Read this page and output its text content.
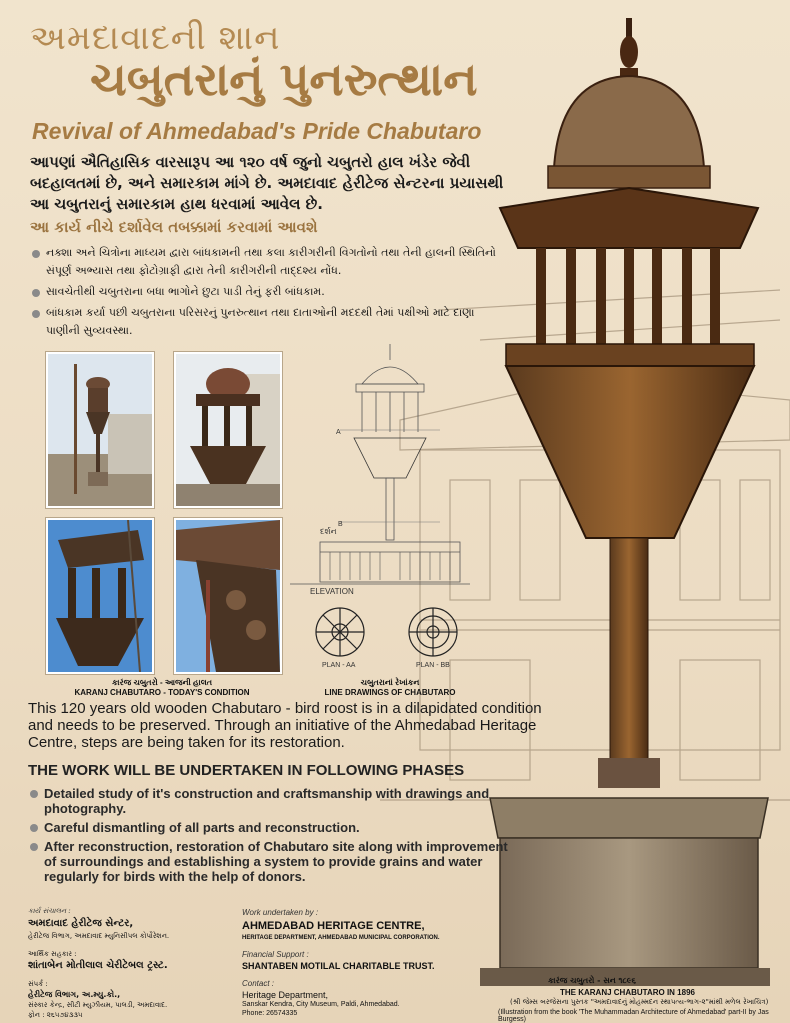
અમદાવાદની શાન
ચબુતરાનું પુનરુત્થાન
Revival of Ahmedabad's Pride Chabutaro
આપણાં ઐતિહાસિક વારસારૂપ આ ૧૨૦ વર્ષ જુનો ચબુતરો હાલ ખંડેર જેવી બદહાલતમાં છે, અને સમારકામ માંગે છે. અમદાવાદ હેરીટેજ સેન્ટરના પ્રયાસથી આ ચબુતરાનું સમારકામ હાથ ધરવામાં આવેલ છે.
આ કાર્ય નીચે દર્શાવેલ તબક્કામાં કરવામાં આવશે
નક્શા અને ચિત્રોના માધ્યમ દ્વારા બાંધકામની તથા કલા કારીગરીની વિગતોનો તથા તેની હાલની સ્થિતિનો સંપૂર્ણ અભ્યાસ તથા ફોટોગ્રાફી દ્વારા તેની કારીગરીની તાદ્દશ્ય નોંધ.
સાવચેતીથી ચબુતરાના બધા ભાગોને છુટા પાડી તેનું ફરી બાંધકામ.
બાંધકામ કર્યા પછી ચબુતરાના પરિસરનું પુનરુત્થાન તથા દાતાઓની મદદથી તેમાં પક્ષીઓ માટે દાણા પાણીની સુવ્યવસ્થા.
કારંજ ચબુતરો - આજની હાલત
KARANJ CHABUTARO - TODAY'S CONDITION
A
B
દર્શન
ELEVATION
PLAN - AA	PLAN - BB
ચબુતરાનાં રેખાંકન
LINE DRAWINGS OF CHABUTARO
કારંજ ચબુતરો - સન ૧૮૯૬
THE KARANJ CHABUTARO IN 1896
(શ્રી જેમ્સ બરજેસના પુસ્તક "અમદાવાદનું મોહમ્મદન સ્થાપત્ય-ભાગ-૨"માંથી મળેલ રેખાચિત્ર)
(Illustration from the book 'The Muhammadan Architecture of Ahmedabad' part-II by Jas Burgess)
This 120 years old wooden Chabutaro - bird roost is in a dilapidated condition and needs to be preserved. Through an initiative of the Ahmedabad Heritage Centre, steps are being taken for its restoration.
THE WORK WILL BE UNDERTAKEN IN FOLLOWING PHASES
Detailed study of it's construction and craftsmanship with drawings and photography.
Careful dismantling of all parts and reconstruction.
After reconstruction, restoration of Chabutaro site along with improvement of surroundings and establishing a system to provide grains and water regularly for birds with the help of donors.
કાર્ય સંચાલન :
અમદાવાદ હેરીટેજ સેન્ટર,
હેરીટેજ વિભાગ, અમદાવાદ મ્યુનિસીપલ કોર્પોરેશન.
આર્થિક સહકાર :
શાંતાબેન મોતીલાલ ચેરીટેબલ ટ્રસ્ટ.
સંપર્ક :
હેરીટેજ વિભાગ, અ.મ્યુ.કો.,
સંસ્કાર કેન્દ્ર, સીટી મ્યુઝીયમ, પાલડી, અમદાવાદ.
ફોન : ૨૬૫૭૪૩૩૫
Work undertaken by :
AHMEDABAD HERITAGE CENTRE,
HERITAGE DEPARTMENT, AHMEDABAD MUNICIPAL CORPORATION.
Financial Support :
SHANTABEN MOTILAL CHARITABLE TRUST.
Contact :
Heritage Department,
Sanskar Kendra, City Museum, Paldi, Ahmedabad.
Phone: 26574335
